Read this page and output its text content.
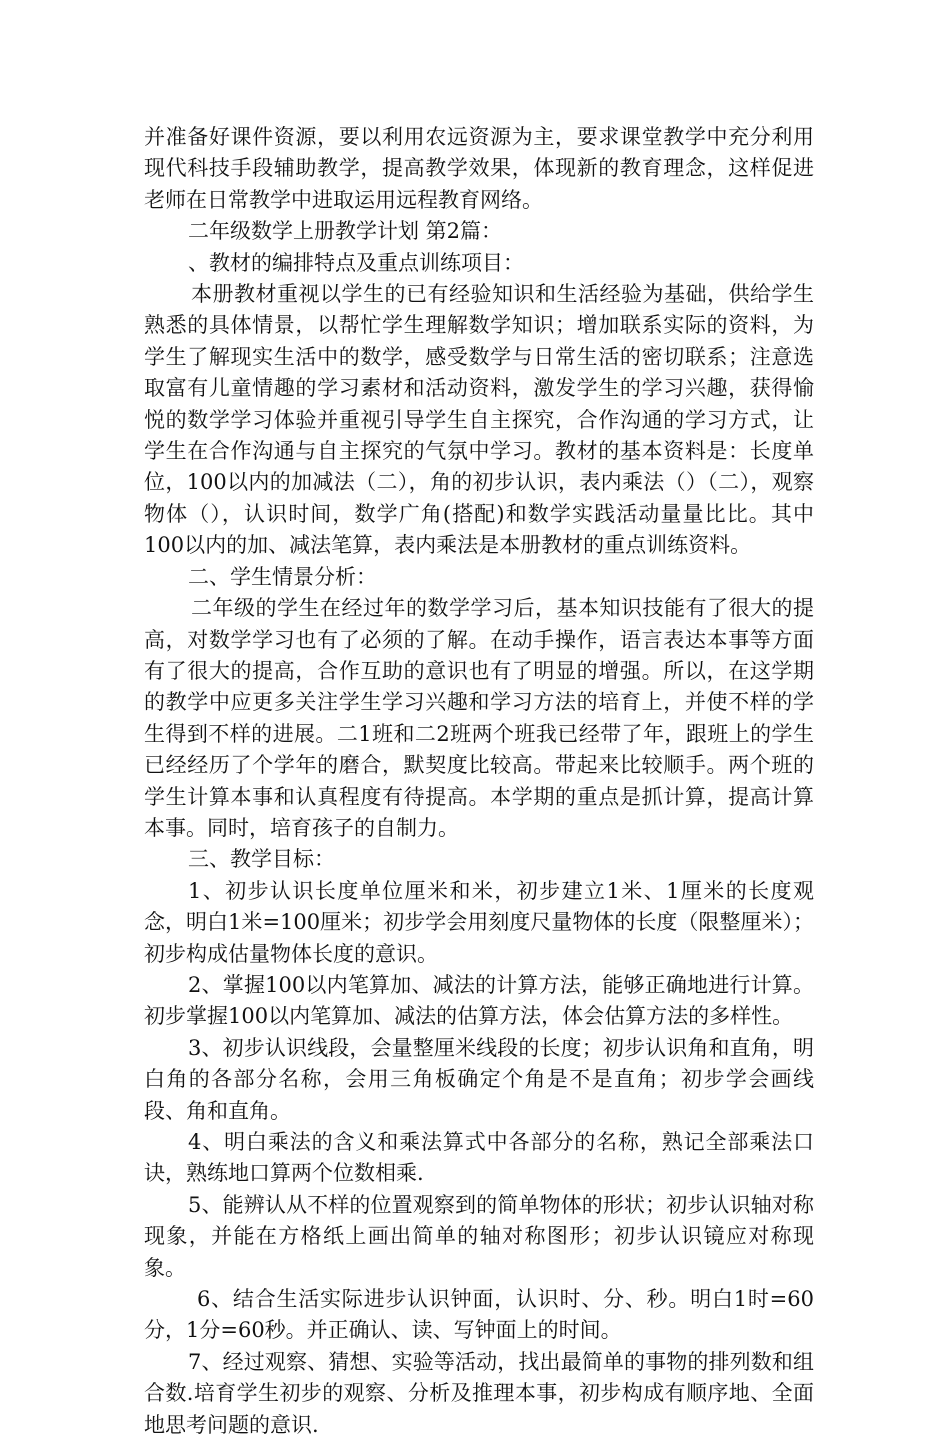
并准备好课件资源，要以利用农远资源为主，要求课堂教学中充分利用现代科技手段辅助教学，提高教学效果，体现新的教育理念，这样促进老师在日常教学中进取运用远程教育网络。

二年级数学上册教学计划 第2篇：

、教材的编排特点及重点训练项目：

本册教材重视以学生的已有经验知识和生活经验为基础，供给学生熟悉的具体情景，以帮忙学生理解数学知识；增加联系实际的资料，为学生了解现实生活中的数学，感受数学与日常生活的密切联系；注意选取富有儿童情趣的学习素材和活动资料，激发学生的学习兴趣，获得愉悦的数学学习体验并重视引导学生自主探究，合作沟通的学习方式，让学生在合作沟通与自主探究的气氛中学习。教材的基本资料是：长度单位，100以内的加减法（二），角的初步认识，表内乘法（）（二），观察物体（），认识时间，数学广角(搭配)和数学实践活动量量比比。其中100以内的加、减法笔算，表内乘法是本册教材的重点训练资料。

二、学生情景分析：

二年级的学生在经过年的数学学习后，基本知识技能有了很大的提高，对数学学习也有了必须的了解。在动手操作，语言表达本事等方面有了很大的提高，合作互助的意识也有了明显的增强。所以，在这学期的教学中应更多关注学生学习兴趣和学习方法的培育上，并使不样的学生得到不样的进展。二1班和二2班两个班我已经带了年，跟班上的学生已经经历了个学年的磨合，默契度比较高。带起来比较顺手。两个班的学生计算本事和认真程度有待提高。本学期的重点是抓计算，提高计算本事。同时，培育孩子的自制力。

三、教学目标：

1、初步认识长度单位厘米和米，初步建立1米、1厘米的长度观念，明白1米=100厘米；初步学会用刻度尺量物体的长度（限整厘米）；初步构成估量物体长度的意识。

2、掌握100以内笔算加、减法的计算方法，能够正确地进行计算。初步掌握100以内笔算加、减法的估算方法，体会估算方法的多样性。

3、初步认识线段，会量整厘米线段的长度；初步认识角和直角，明白角的各部分名称，会用三角板确定个角是不是直角；初步学会画线段、角和直角。

4、明白乘法的含义和乘法算式中各部分的名称，熟记全部乘法口诀，熟练地口算两个位数相乘.

5、能辨认从不样的位置观察到的简单物体的形状；初步认识轴对称现象，并能在方格纸上画出简单的轴对称图形；初步认识镜应对称现象。

6、结合生活实际进步认识钟面，认识时、分、秒。明白1时=60分，1分=60秒。并正确认、读、写钟面上的时间。

7、经过观察、猜想、实验等活动，找出最简单的事物的排列数和组合数.培育学生初步的观察、分析及推理本事，初步构成有顺序地、全面地思考问题的意识.
